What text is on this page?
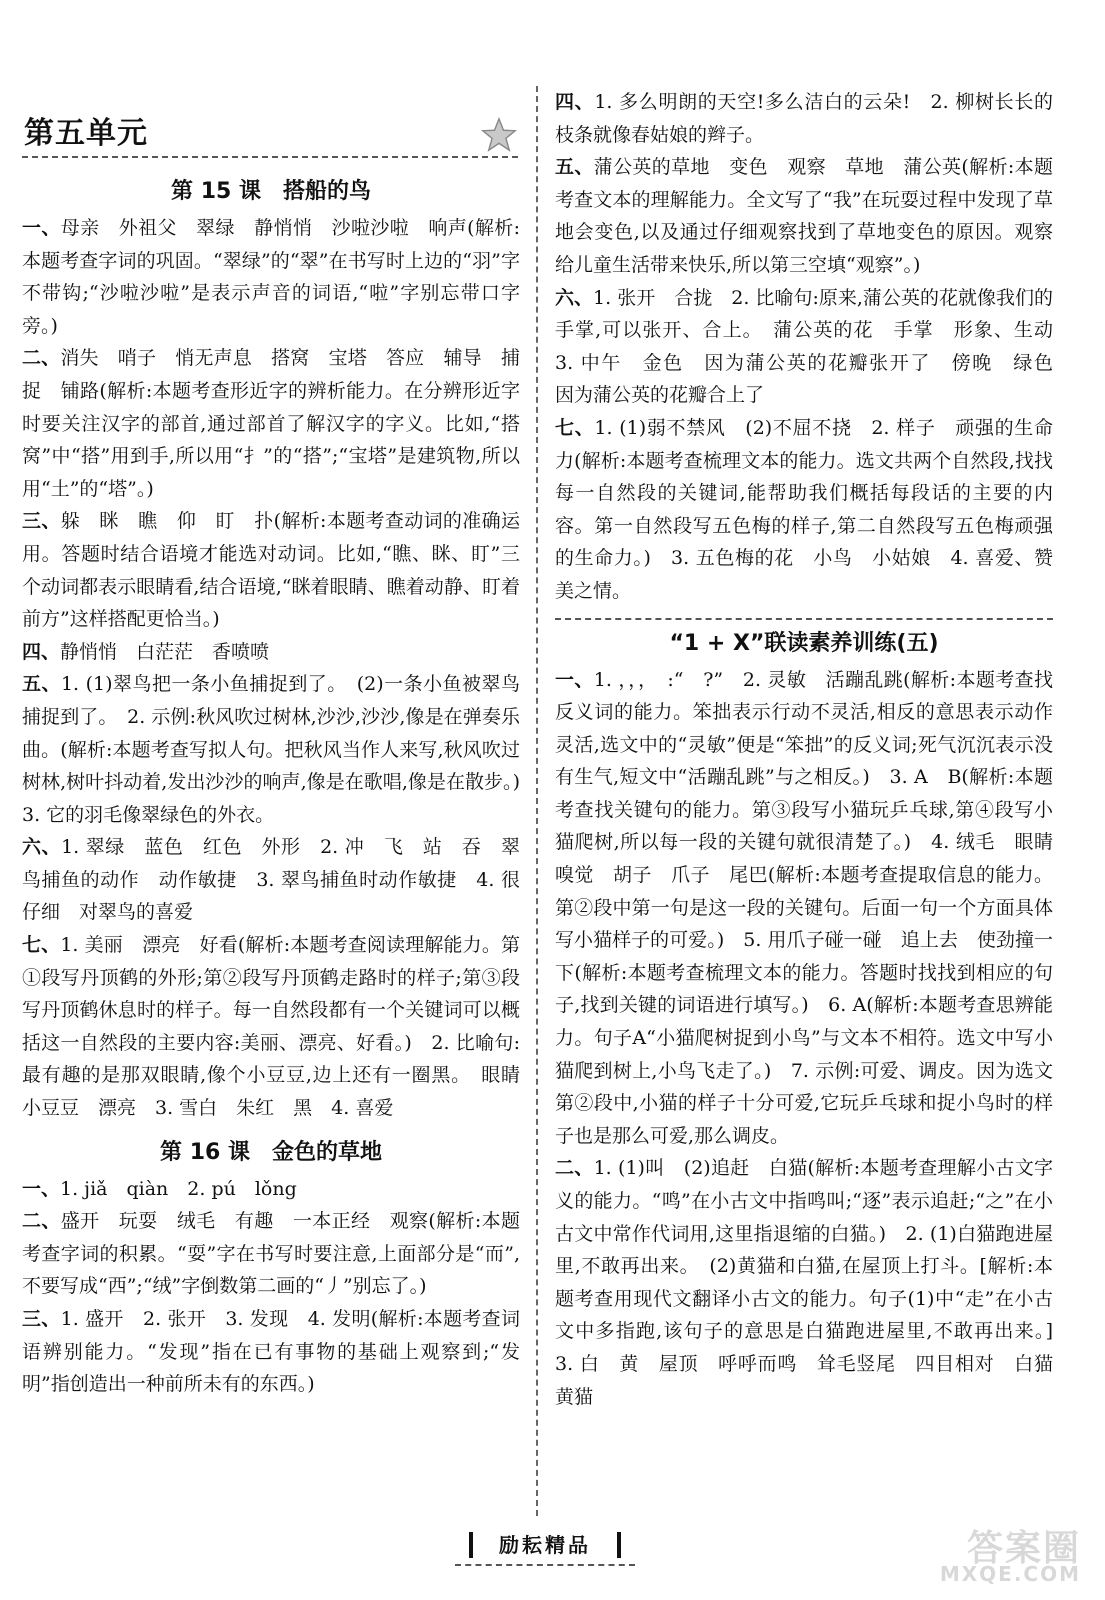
第五单元
第 15 课　搭船的鸟

一、母亲　外祖父　翠绿　静悄悄　沙啦沙啦　响声(解析:本题考查字词的巩固。“翠绿”的“翠”在书写时上边的“羽”字不带钩;“沙啦沙啦”是表示声音的词语,“啦”字别忘带口字旁。)

二、消失　哨子　悄无声息　搭窝　宝塔　答应　辅导　捕捉　铺路(解析:本题考查形近字的辨析能力。在分辨形近字时要关注汉字的部首,通过部首了解汉字的字义。比如,“搭窝”中“搭”用到手,所以用“扌”的“搭”;“宝塔”是建筑物,所以用“土”的“塔”。)

三、躲　眯　瞧　仰　盯　扑(解析:本题考查动词的准确运用。答题时结合语境才能选对动词。比如,“瞧、眯、盯”三个动词都表示眼睛看,结合语境,“眯着眼睛、瞧着动静、盯着前方”这样搭配更恰当。)

四、静悄悄　白茫茫　香喷喷

五、1. (1)翠鸟把一条小鱼捕捉到了。　(2)一条小鱼被翠鸟捕捉到了。　2. 示例:秋风吹过树林,沙沙,沙沙,像是在弹奏乐曲。(解析:本题考查写拟人句。把秋风当作人来写,秋风吹过树林,树叶抖动着,发出沙沙的响声,像是在歌唱,像是在散步。)　3. 它的羽毛像翠绿色的外衣。

六、1. 翠绿　蓝色　红色　外形　2. 冲　飞　站　吞　翠鸟捕鱼的动作　动作敏捷　3. 翠鸟捕鱼时动作敏捷　4. 很仔细　对翠鸟的喜爱

七、1. 美丽　漂亮　好看(解析:本题考查阅读理解能力。第①段写丹顶鹤的外形;第②段写丹顶鹤走路时的样子;第③段写丹顶鹤休息时的样子。每一自然段都有一个关键词可以概括这一自然段的主要内容:美丽、漂亮、好看。)　2. 比喻句:最有趣的是那双眼睛,像个小豆豆,边上还有一圈黑。　眼睛　小豆豆　漂亮　3. 雪白　朱红　黑　4. 喜爱

第 16 课　金色的草地

一、1. jiǎ　qiàn　2. pú　lǒng

二、盛开　玩耍　绒毛　有趣　一本正经　观察(解析:本题考查字词的积累。“耍”字在书写时要注意,上面部分是“而”,不要写成“西”;“绒”字倒数第二画的“丿”别忘了。)

三、1. 盛开　2. 张开　3. 发现　4. 发明(解析:本题考查词语辨别能力。“发现”指在已有事物的基础上观察到;“发明”指创造出一种前所未有的东西。)

四、1. 多么明朗的天空!多么洁白的云朵!　2. 柳树长长的枝条就像春姑娘的辫子。

五、蒲公英的草地　变色　观察　草地　蒲公英(解析:本题考查文本的理解能力。全文写了“我”在玩耍过程中发现了草地会变色,以及通过仔细观察找到了草地变色的原因。观察给儿童生活带来快乐,所以第三空填“观察”。)

六、1. 张开　合拢　2. 比喻句:原来,蒲公英的花就像我们的手掌,可以张开、合上。　蒲公英的花　手掌　形象、生动　3. 中午　金色　因为蒲公英的花瓣张开了　傍晚　绿色　因为蒲公英的花瓣合上了

七、1. (1)弱不禁风　(2)不屈不挠　2. 样子　顽强的生命力(解析:本题考查梳理文本的能力。选文共两个自然段,找找每一自然段的关键词,能帮助我们概括每段话的主要的内容。第一自然段写五色梅的样子,第二自然段写五色梅顽强的生命力。)　3. 五色梅的花　小鸟　小姑娘　4. 喜爱、赞美之情。

“1 + X”联读素养训练(五)

一、1. ，，，　:“　?”　2. 灵敏　活蹦乱跳(解析:本题考查找反义词的能力。笨拙表示行动不灵活,相反的意思表示动作灵活,选文中的“灵敏”便是“笨拙”的反义词;死气沉沉表示没有生气,短文中“活蹦乱跳”与之相反。)　3. A　B(解析:本题考查找关键句的能力。第③段写小猫玩乒乓球,第④段写小猫爬树,所以每一段的关键句就很清楚了。)　4. 绒毛　眼睛　嗅觉　胡子　爪子　尾巴(解析:本题考查提取信息的能力。第②段中第一句是这一段的关键句。后面一句一个方面具体写小猫样子的可爱。)　5. 用爪子碰一碰　追上去　使劲撞一下(解析:本题考查梳理文本的能力。答题时找找到相应的句子,找到关键的词语进行填写。)　6. A(解析:本题考查思辨能力。句子A“小猫爬树捉到小鸟”与文本不相符。选文中写小猫爬到树上,小鸟飞走了。)　7. 示例:可爱、调皮。因为选文第②段中,小猫的样子十分可爱,它玩乒乓球和捉小鸟时的样子也是那么可爱,那么调皮。

二、1. (1)叫　(2)追赶　白猫(解析:本题考查理解小古文字义的能力。“鸣”在小古文中指鸣叫;“逐”表示追赶;“之”在小古文中常作代词用,这里指退缩的白猫。)　2. (1)白猫跑进屋里,不敢再出来。　(2)黄猫和白猫,在屋顶上打斗。[解析:本题考查用现代文翻译小古文的能力。句子(1)中“走”在小古文中多指跑,该句子的意思是白猫跑进屋里,不敢再出来。]　3. 白　黄　屋顶　呼呼而鸣　耸毛竖尾　四目相对　白猫　黄猫

励耘精品	答案圈
MXQE.COM
